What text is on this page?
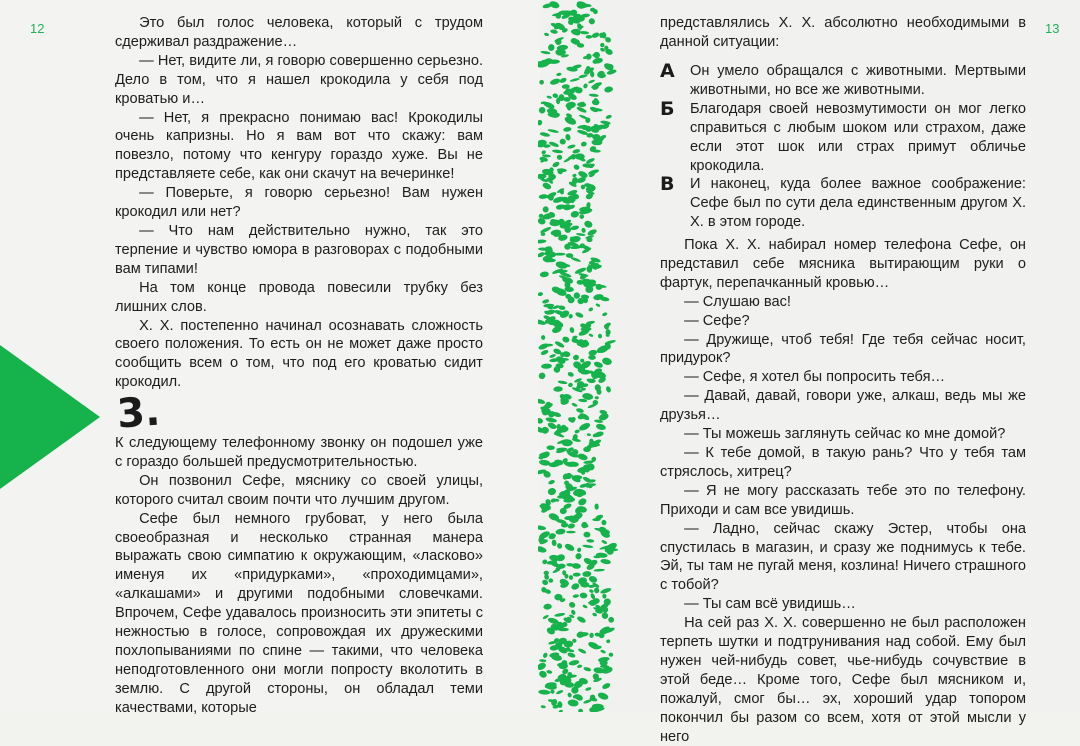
12	13

Это был голос человека, который с трудом сдерживал раздражение…

— Нет, видите ли, я говорю совершенно серьезно. Дело в том, что я нашел крокодила у себя под кроватью и…

— Нет, я прекрасно понимаю вас! Крокодилы очень капризны. Но я вам вот что скажу: вам повезло, потому что кенгуру гораздо хуже. Вы не представляете себе, как они скачут на вечеринке!

— Поверьте, я говорю серьезно! Вам нужен крокодил или нет?

— Что нам действительно нужно, так это терпение и чувство юмора в разговорах с подобными вам типами!

На том конце провода повесили трубку без лишних слов.

Х. Х. постепенно начинал осознавать сложность своего положения. То есть он не может даже просто сообщить всем о том, что под его кроватью сидит крокодил.

3.

К следующему телефонному звонку он подошел уже с гораздо большей предусмотрительностью.

Он позвонил Сефе, мяснику со своей улицы, которого считал своим почти что лучшим другом.

Сефе был немного грубоват, у него была своеобразная и несколько странная манера выражать свою симпатию к окружающим, «ласково» именуя их «придурками», «проходимцами», «алкашами» и другими подобными словечками. Впрочем, Сефе удавалось произносить эти эпитеты с нежностью в голосе, сопровождая их дружескими похлопываниями по спине — такими, что человека неподготовленного они могли попросту вколотить в землю. С другой стороны, он обладал теми качествами, которые

представлялись Х. Х. абсолютно необходимыми в данной ситуации:

А Он умело обращался с животными. Мертвыми животными, но все же животными.
Б Благодаря своей невозмутимости он мог легко справиться с любым шоком или страхом, даже если этот шок или страх примут обличье крокодила.
В И наконец, куда более важное соображение: Сефе был по сути дела единственным другом Х. Х. в этом городе.

Пока Х. Х. набирал номер телефона Сефе, он представил себе мясника вытирающим руки о фартук, перепачканный кровью…

— Слушаю вас!

— Сефе?

— Дружище, чтоб тебя! Где тебя сейчас носит, придурок?

— Сефе, я хотел бы попросить тебя…

— Давай, давай, говори уже, алкаш, ведь мы же друзья…

— Ты можешь заглянуть сейчас ко мне домой?

— К тебе домой, в такую рань? Что у тебя там стряслось, хитрец?

— Я не могу рассказать тебе это по телефону. Приходи и сам все увидишь.

— Ладно, сейчас скажу Эстер, чтобы она спустилась в магазин, и сразу же поднимусь к тебе. Эй, ты там не пугай меня, козлина! Ничего страшного с тобой?

— Ты сам всё увидишь…

На сей раз Х. Х. совершенно не был расположен терпеть шутки и подтрунивания над собой. Ему был нужен чей-нибудь совет, чье-нибудь сочувствие в этой беде… Кроме того, Сефе был мясником и, пожалуй, смог бы… эх, хороший удар топором покончил бы разом со всем, хотя от этой мысли у него
